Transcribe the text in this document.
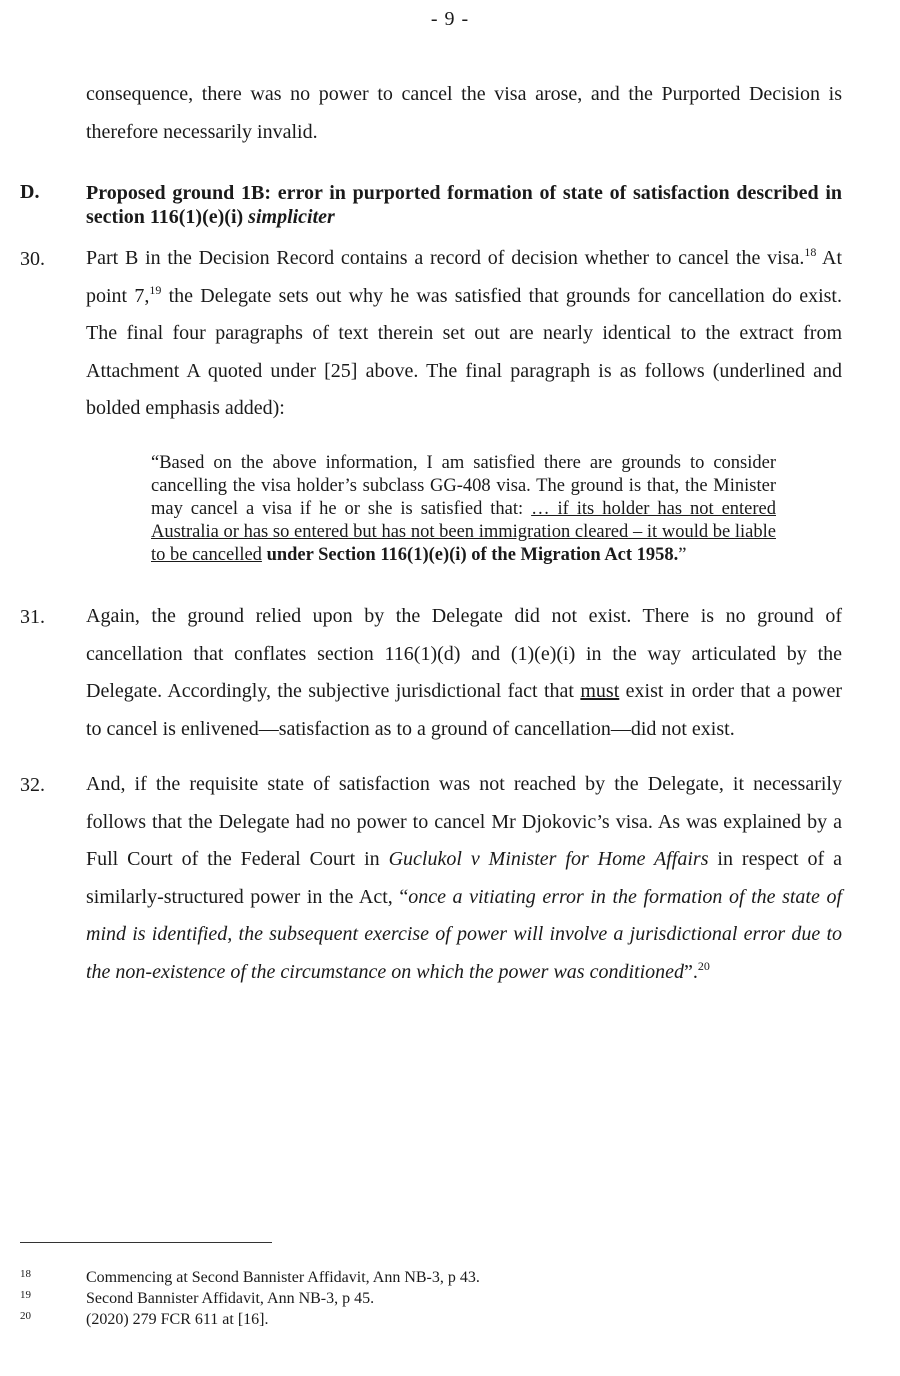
- 9 -
consequence, there was no power to cancel the visa arose, and the Purported Decision is therefore necessarily invalid.
D. Proposed ground 1B: error in purported formation of state of satisfaction described in section 116(1)(e)(i) simpliciter
30. Part B in the Decision Record contains a record of decision whether to cancel the visa.$^{18}$ At point 7,19 the Delegate sets out why he was satisfied that grounds for cancellation do exist. The final four paragraphs of text therein set out are nearly identical to the extract from Attachment A quoted under [25] above. The final paragraph is as follows (underlined and bolded emphasis added):
“Based on the above information, I am satisfied there are grounds to consider cancelling the visa holder’s subclass GG-408 visa. The ground is that, the Minister may cancel a visa if he or she is satisfied that: … if its holder has not entered Australia or has so entered but has not been immigration cleared – it would be liable to be cancelled under Section 116(1)(e)(i) of the Migration Act 1958.”
31. Again, the ground relied upon by the Delegate did not exist. There is no ground of cancellation that conflates section 116(1)(d) and (1)(e)(i) in the way articulated by the Delegate. Accordingly, the subjective jurisdictional fact that must exist in order that a power to cancel is enlivened—satisfaction as to a ground of cancellation—did not exist.
32. And, if the requisite state of satisfaction was not reached by the Delegate, it necessarily follows that the Delegate had no power to cancel Mr Djokovic’s visa. As was explained by a Full Court of the Federal Court in Guclukol v Minister for Home Affairs in respect of a similarly-structured power in the Act, “once a vitiating error in the formation of the state of mind is identified, the subsequent exercise of power will involve a jurisdictional error due to the non-existence of the circumstance on which the power was conditioned”.$^{20}$
18	Commencing at Second Bannister Affidavit, Ann NB-3, p 43.
19	Second Bannister Affidavit, Ann NB-3, p 45.
20	(2020) 279 FCR 611 at [16].
